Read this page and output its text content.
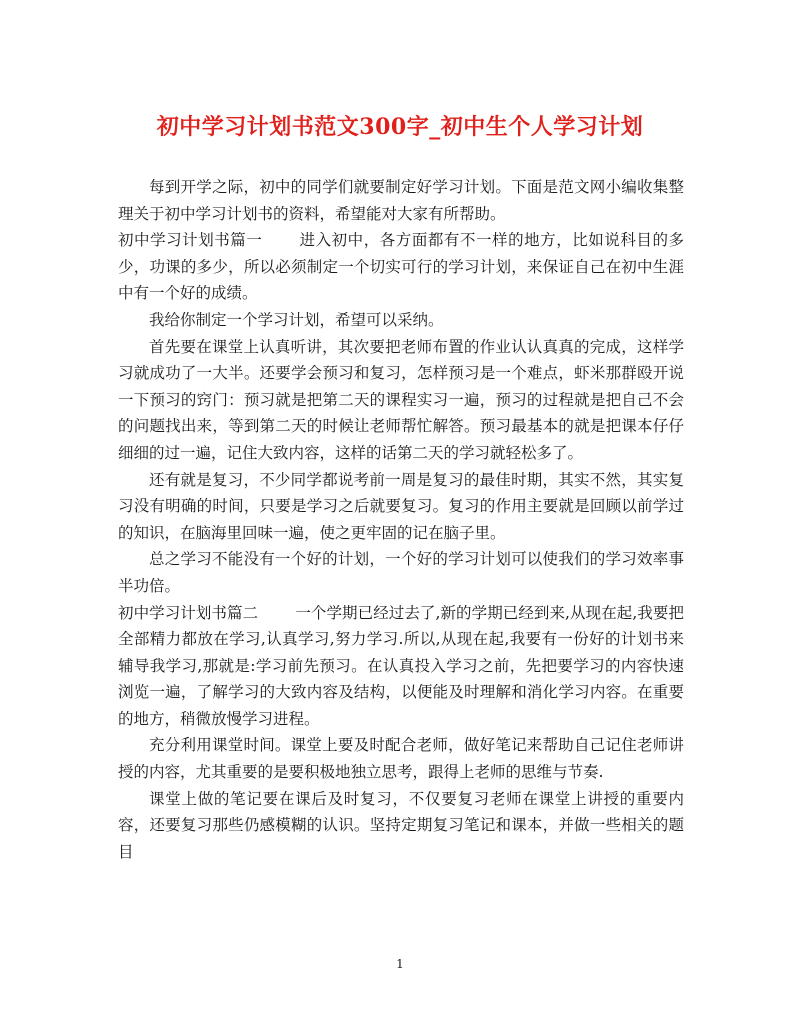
初中学习计划书范文300字_初中生个人学习计划

每到开学之际，初中的同学们就要制定好学习计划。下面是范文网小编收集整理关于初中学习计划书的资料，希望能对大家有所帮助。

初中学习计划书篇一 进入初中，各方面都有不一样的地方，比如说科目的多少，功课的多少，所以必须制定一个切实可行的学习计划，来保证自己在初中生涯中有一个好的成绩。

我给你制定一个学习计划，希望可以采纳。

首先要在课堂上认真听讲，其次要把老师布置的作业认认真真的完成，这样学习就成功了一大半。还要学会预习和复习，怎样预习是一个难点，虾米那群殴开说一下预习的窍门：预习就是把第二天的课程实习一遍，预习的过程就是把自己不会的问题找出来，等到第二天的时候让老师帮忙解答。预习最基本的就是把课本仔仔细细的过一遍，记住大致内容，这样的话第二天的学习就轻松多了。

还有就是复习，不少同学都说考前一周是复习的最佳时期，其实不然，其实复习没有明确的时间，只要是学习之后就要复习。复习的作用主要就是回顾以前学过的知识，在脑海里回味一遍，使之更牢固的记在脑子里。

总之学习不能没有一个好的计划，一个好的学习计划可以使我们的学习效率事半功倍。

初中学习计划书篇二 一个学期已经过去了,新的学期已经到来,从现在起,我要把全部精力都放在学习,认真学习,努力学习.所以,从现在起,我要有一份好的计划书来辅导我学习,那就是:学习前先预习。在认真投入学习之前，先把要学习的内容快速浏览一遍，了解学习的大致内容及结构，以便能及时理解和消化学习内容。在重要的地方，稍微放慢学习进程。

充分利用课堂时间。课堂上要及时配合老师，做好笔记来帮助自己记住老师讲授的内容，尤其重要的是要积极地独立思考，跟得上老师的思维与节奏.

课堂上做的笔记要在课后及时复习，不仅要复习老师在课堂上讲授的重要内容，还要复习那些仍感模糊的认识。坚持定期复习笔记和课本，并做一些相关的题目

1
